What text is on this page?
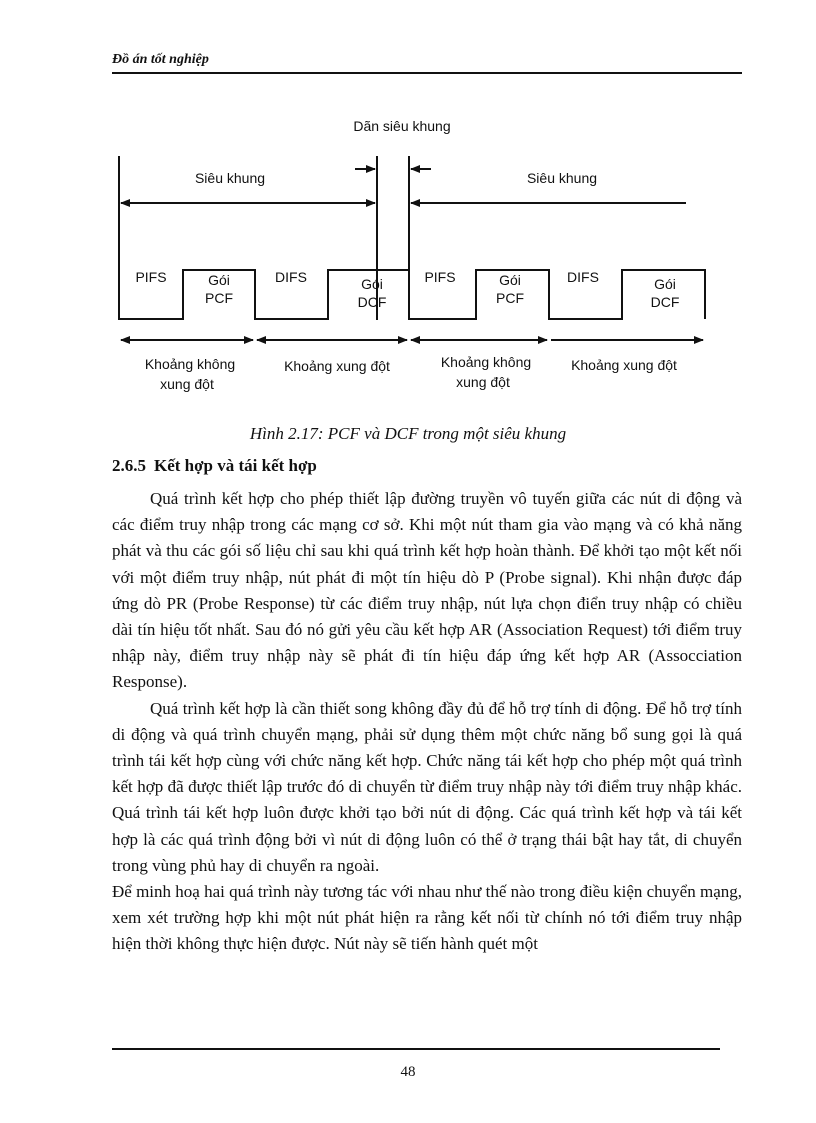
Đồ án tốt nghiệp
Dãn siêu khung
Siêu khung	Siêu khung
PIFS	Gói
PCF
DIFS	Gói
DCF
PIFS	Gói
PCF
DIFS	Gói
DCF
Khoảng không
xung đột
Khoảng xung đột	Khoảng không
xung đột
Khoảng xung đột
Hình 2.17: PCF và DCF trong một siêu khung
2.6.5 Kết hợp và tái kết hợp

Quá trình kết hợp cho phép thiết lập đường truyền vô tuyến giữa các nút di động và các điểm truy nhập trong các mạng cơ sở. Khi một nút tham gia vào mạng và có khả năng phát và thu các gói số liệu chỉ sau khi quá trình kết hợp hoàn thành. Để khởi tạo một kết nối với một điểm truy nhập, nút phát đi một tín hiệu dò P (Probe signal). Khi nhận được đáp ứng dò PR (Probe Response) từ các điểm truy nhập, nút lựa chọn điển truy nhập có chiều dài tín hiệu tốt nhất. Sau đó nó gửi yêu cầu kết hợp AR (Association Request) tới điểm truy nhập này, điểm truy nhập này sẽ phát đi tín hiệu đáp ứng kết hợp AR (Assocciation Response).

Quá trình kết hợp là cần thiết song không đầy đủ để hỗ trợ tính di động. Để hỗ trợ tính di động và quá trình chuyển mạng, phải sử dụng thêm một chức năng bổ sung gọi là quá trình tái kết hợp cùng với chức năng kết hợp. Chức năng tái kết hợp cho phép một quá trình kết hợp đã được thiết lập trước đó di chuyển từ điểm truy nhập này tới điểm truy nhập khác. Quá trình tái kết hợp luôn được khởi tạo bởi nút di động. Các quá trình kết hợp và tái kết hợp là các quá trình động bởi vì nút di động luôn có thể ở trạng thái bật hay tắt, di chuyển trong vùng phủ hay di chuyển ra ngoài.

Để minh hoạ hai quá trình này tương tác với nhau như thế nào trong điều kiện chuyển mạng, xem xét trường hợp khi một nút phát hiện ra rằng kết nối từ chính nó tới điểm truy nhập hiện thời không thực hiện được. Nút này sẽ tiến hành quét một

48
